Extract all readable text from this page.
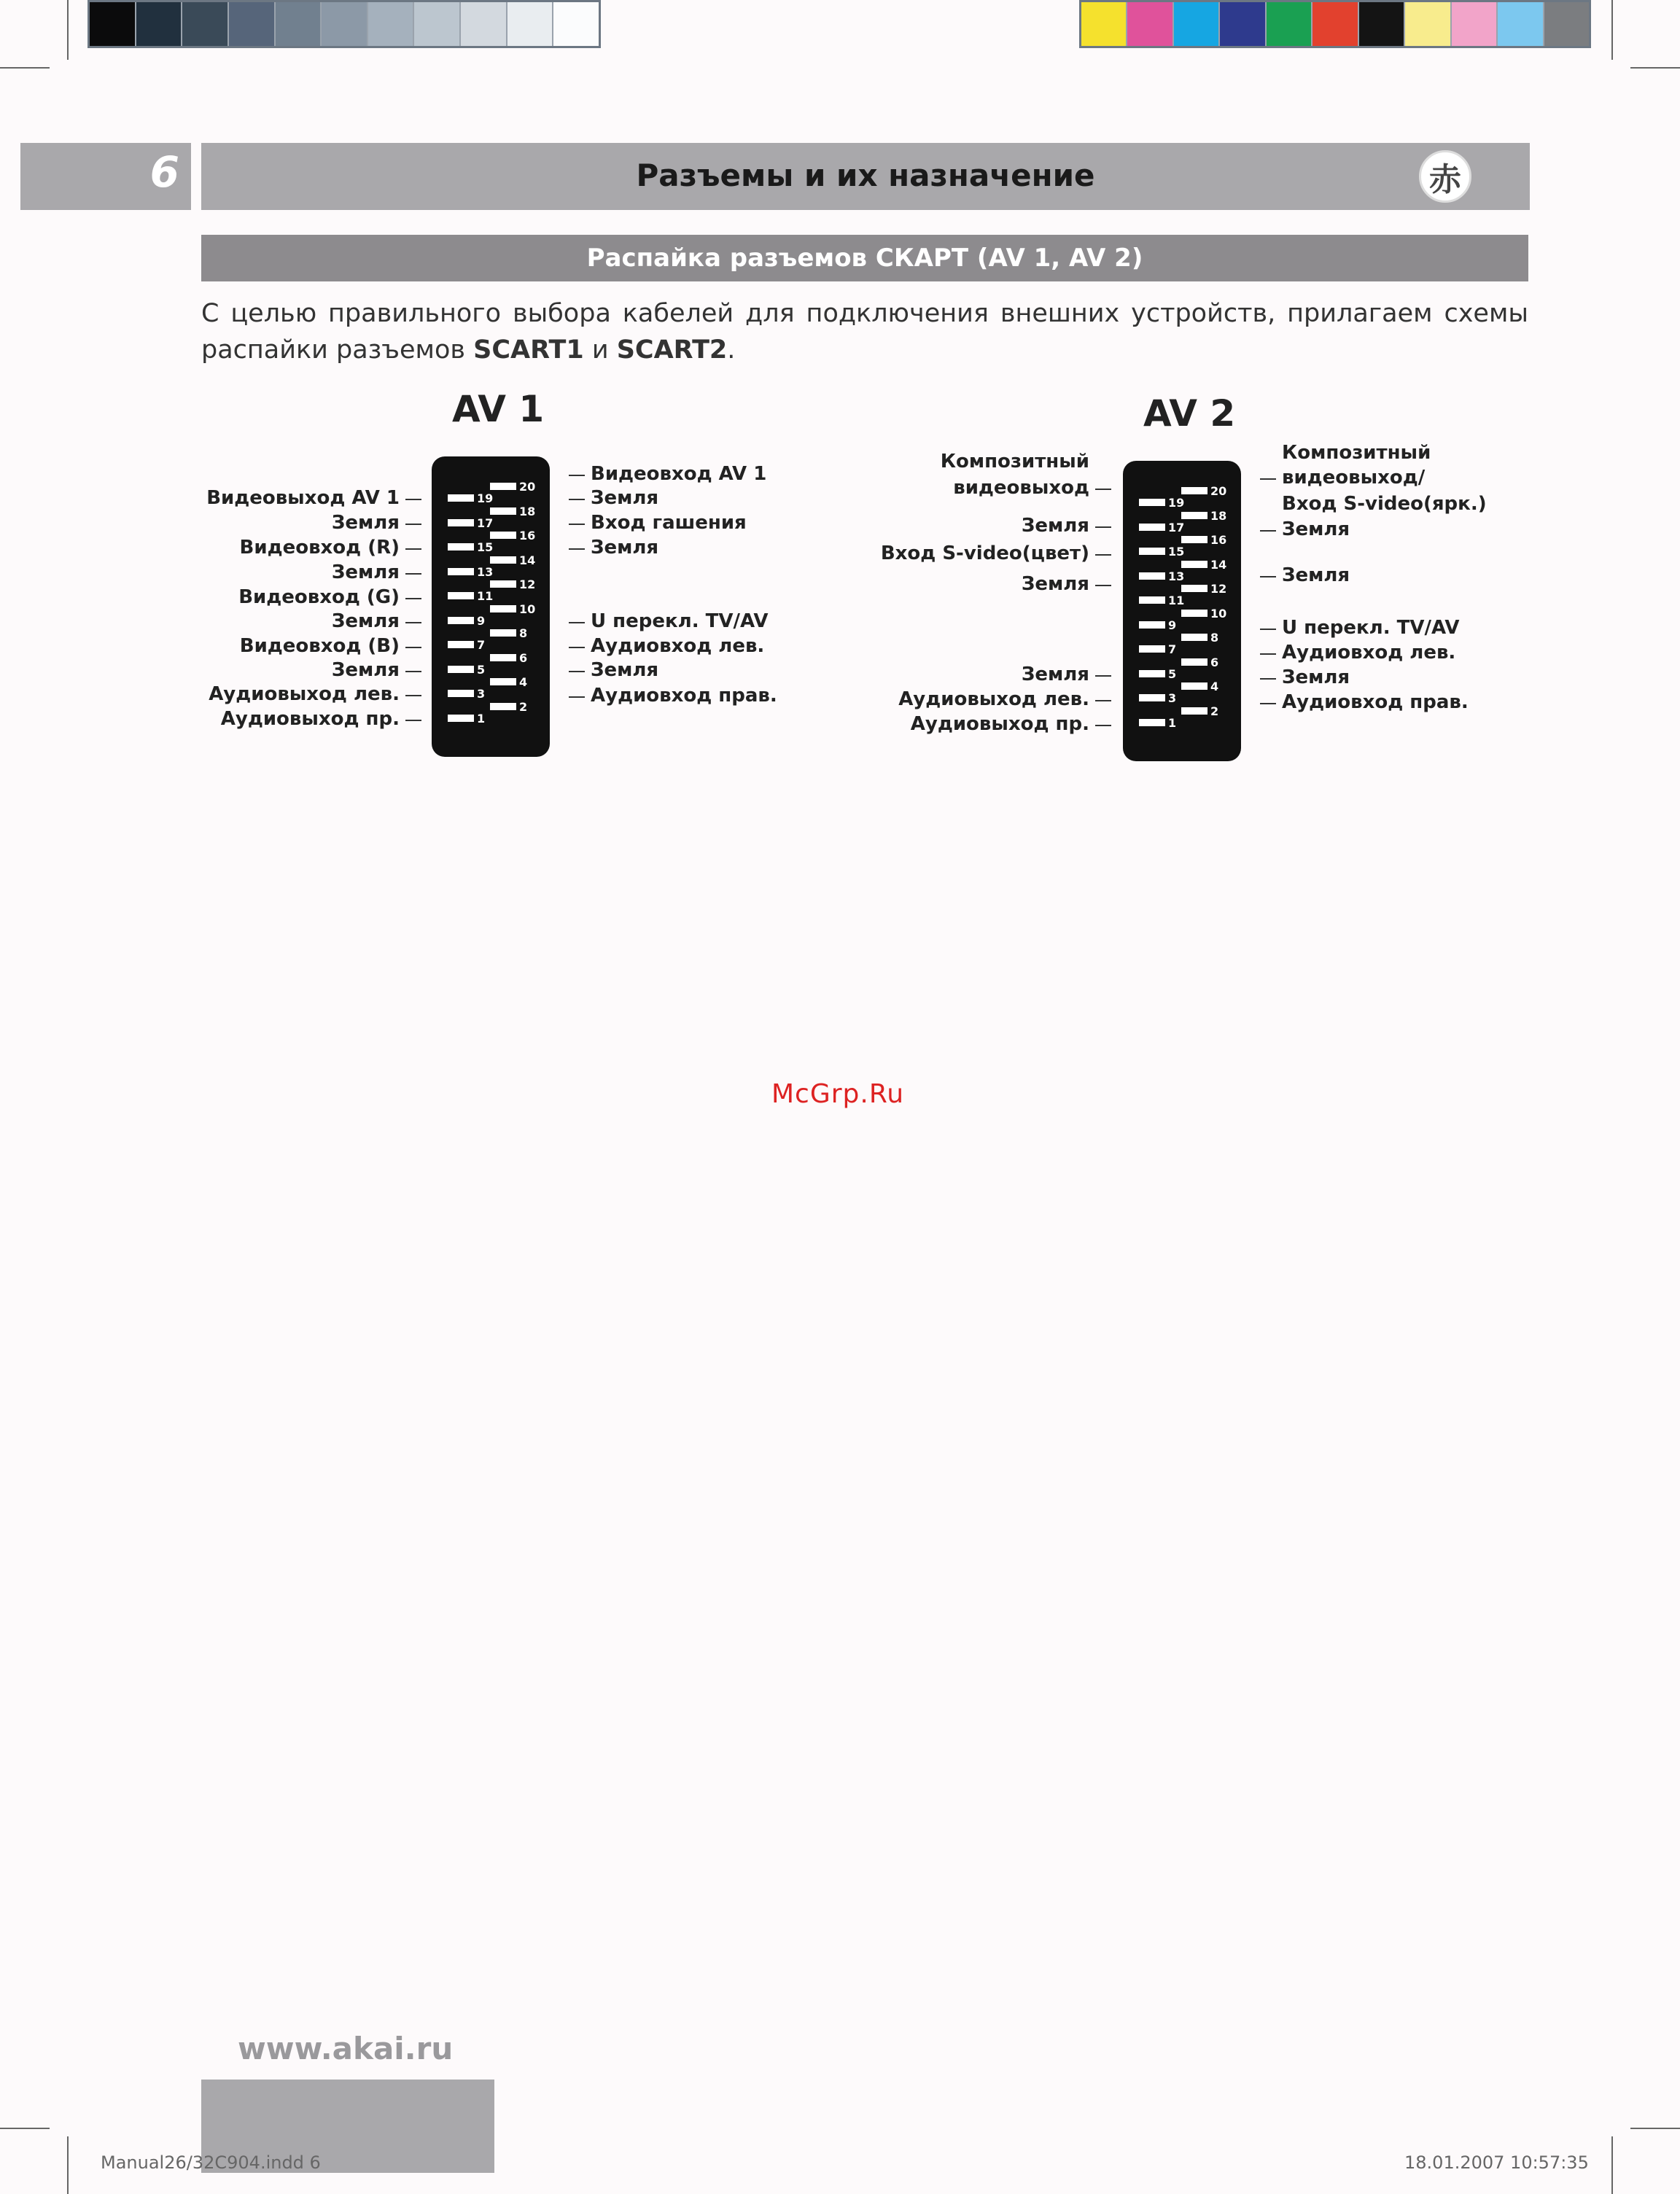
6	Разъемы и их назначение	赤
Распайка разъемов СКАРТ (AV 1, AV 2)
С целью правильного выбора кабелей для подключения внешних устройств, прилагаем схемы распайки разъемов SCART1 и SCART2.
AV 1
19
17
15
13
11
9
7
5
3
1
20
18
16
14
12
10
8
6
4
2
Видеовыход AV 1
Земля
Видеовход (R)
Земля
Видеовход (G)
Земля
Видеовход (B)
Земля
Аудиовыход лев.
Аудиовыход пр.
Видеовход AV 1
Земля
Вход гашения
Земля
U перекл. TV/AV
Аудиовход лев.
Земля
Аудиовход прав.
AV 2
19
17
15
13
11
9
7
5
3
1
20
18
16
14
12
10
8
6
4
2
Композитный
видеовыход
Земля
Вход S-video(цвет)
Земля
Земля
Аудиовыход лев.
Аудиовыход пр.
Композитный
видеовыход/
Вход S-video(ярк.)
Земля
Земля
U перекл. TV/AV
Аудиовход лев.
Земля
Аудиовход прав.
McGrp.Ru
www.akai.ru
Manual26/32C904.indd 6	18.01.2007 10:57:35
